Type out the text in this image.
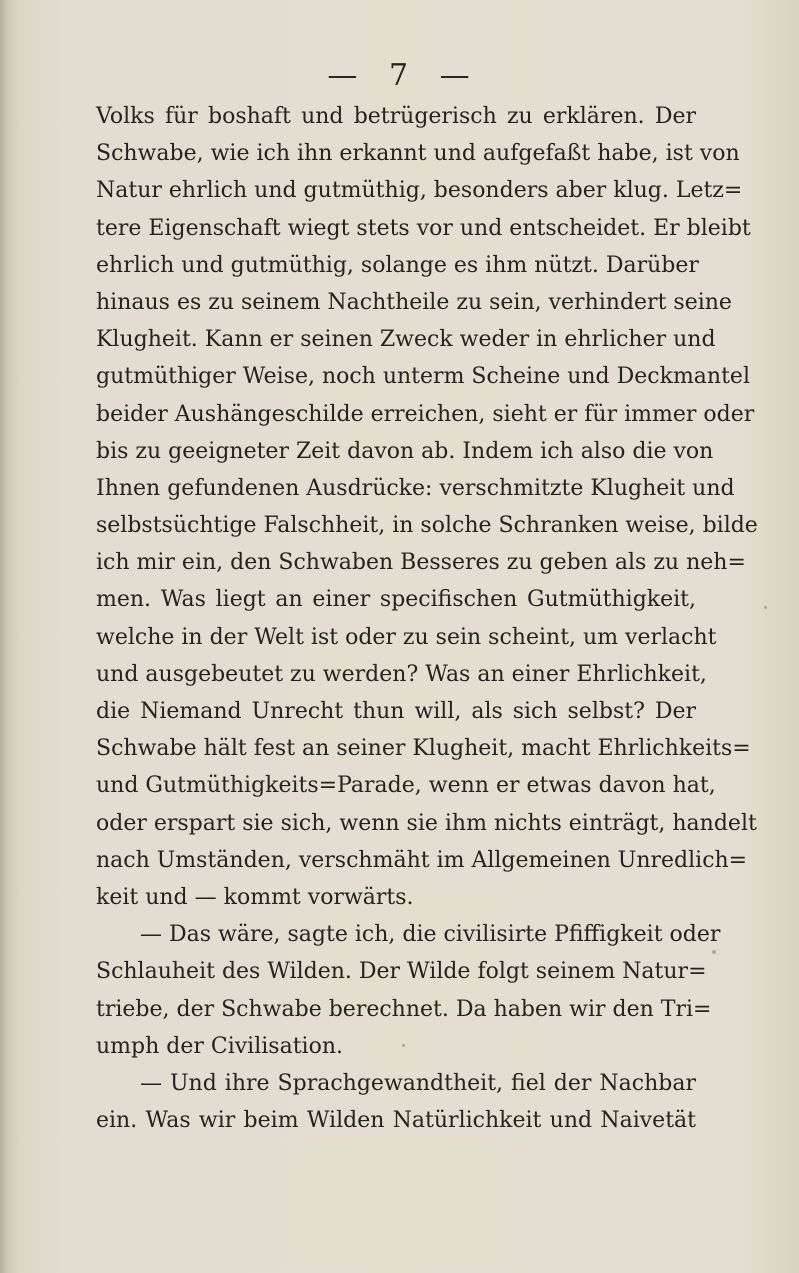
— 7 —
Volks für boshaft und betrügerisch zu erklären. Der
Schwabe, wie ich ihn erkannt und aufgefaßt habe, ist von
Natur ehrlich und gutmüthig, besonders aber klug. Letz=
tere Eigenschaft wiegt stets vor und entscheidet. Er bleibt
ehrlich und gutmüthig, solange es ihm nützt. Darüber
hinaus es zu seinem Nachtheile zu sein, verhindert seine
Klugheit. Kann er seinen Zweck weder in ehrlicher und
gutmüthiger Weise, noch unterm Scheine und Deckmantel
beider Aushängeschilde erreichen, sieht er für immer oder
bis zu geeigneter Zeit davon ab. Indem ich also die von
Ihnen gefundenen Ausdrücke: verschmitzte Klugheit und
selbstsüchtige Falschheit, in solche Schranken weise, bilde
ich mir ein, den Schwaben Besseres zu geben als zu neh=
men. Was liegt an einer specifischen Gutmüthigkeit,
welche in der Welt ist oder zu sein scheint, um verlacht
und ausgebeutet zu werden? Was an einer Ehrlichkeit,
die Niemand Unrecht thun will, als sich selbst? Der
Schwabe hält fest an seiner Klugheit, macht Ehrlichkeits=
und Gutmüthigkeits=Parade, wenn er etwas davon hat,
oder erspart sie sich, wenn sie ihm nichts einträgt, handelt
nach Umständen, verschmäht im Allgemeinen Unredlich=
keit und — kommt vorwärts.
— Das wäre, sagte ich, die civilisirte Pfiffigkeit oder
Schlauheit des Wilden. Der Wilde folgt seinem Natur=
triebe, der Schwabe berechnet. Da haben wir den Tri=
umph der Civilisation.
— Und ihre Sprachgewandtheit, fiel der Nachbar
ein. Was wir beim Wilden Natürlichkeit und Naivetät
